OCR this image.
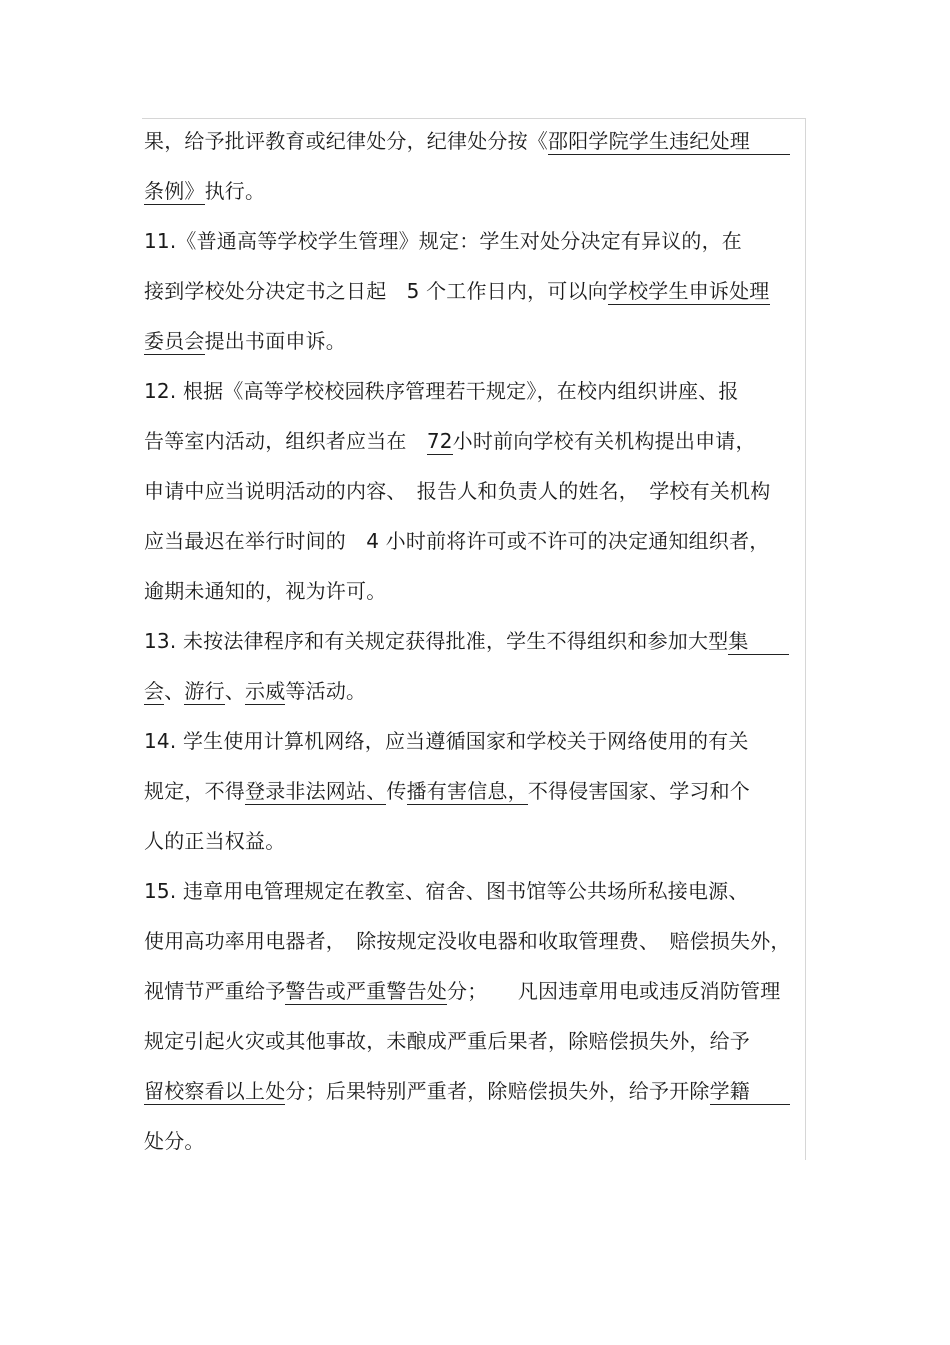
果，给予批评教育或纪律处分，纪律处分按《邵阳学院学生违纪处理　　
条例》执行。
11.《普通高等学校学生管理》规定：学生对处分决定有异议的，在
接到学校处分决定书之日起　5 个工作日内，可以向学校学生申诉处理
委员会提出书面申诉。
12. 根据《高等学校校园秩序管理若干规定》，在校内组织讲座、报
告等室内活动，组织者应当在　72小时前向学校有关机构提出申请，
申请中应当说明活动的内容、　报告人和负责人的姓名，　学校有关机构
应当最迟在举行时间的　4 小时前将许可或不许可的决定通知组织者，
逾期未通知的，视为许可。
13. 未按法律程序和有关规定获得批准，学生不得组织和参加大型集　　
会、游行、示威等活动。
14. 学生使用计算机网络，应当遵循国家和学校关于网络使用的有关
规定，不得登录非法网站、传播有害信息，不得侵害国家、学习和个
人的正当权益。
15. 违章用电管理规定在教室、宿舍、图书馆等公共场所私接电源、
使用高功率用电器者，　除按规定没收电器和收取管理费、　赔偿损失外，
视情节严重给予警告或严重警告处分；　　凡因违章用电或违反消防管理
规定引起火灾或其他事故，未酿成严重后果者，除赔偿损失外，给予
留校察看以上处分；后果特别严重者，除赔偿损失外，给予开除学籍　　
处分。
